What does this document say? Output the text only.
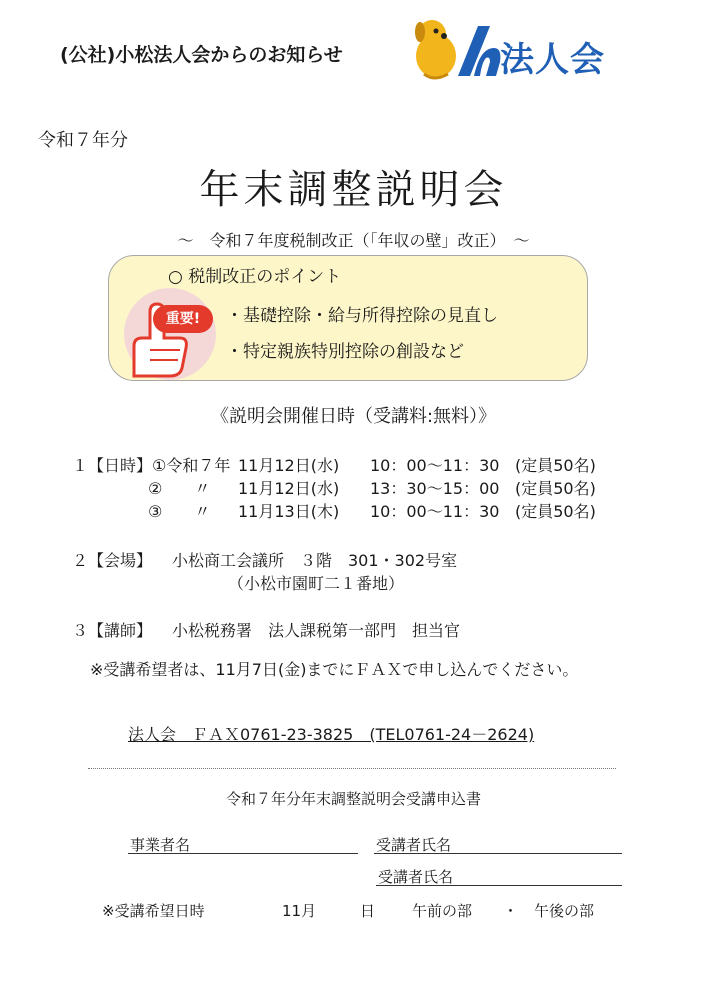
(公社)小松法人会からのお知らせ	法人会
令和７年分
年末調整説明会
～　令和７年度税制改正（「年収の壁」改正）　～
○ 税制改正のポイント
重要!	・基礎控除・給与所得控除の見直し
・特定親族特別控除の創設など
《説明会開催日時（受講料:無料）》
１【日時】①令和７年 11月12日(水) 10：00～11：30 (定員50名)
②　　〃 11月12日(水) 13：30～15：00 (定員50名)
③　　〃 11月13日(木) 10：00～11：30 (定員50名)
２【会場】 小松商工会議所　３階　301・302号室
（小松市園町二１番地）
３【講師】 小松税務署　法人課税第一部門　担当官
※受講希望者は、11月7日(金)までにＦＡＸで申し込んでください。
法人会　ＦＡＸ0761-23-3825　(TEL0761-24－2624)
令和７年分年末調整説明会受講申込書
事業者名	受講者氏名
受講者氏名
※受講希望日時	11月	日 午前の部 ・ 午後の部
